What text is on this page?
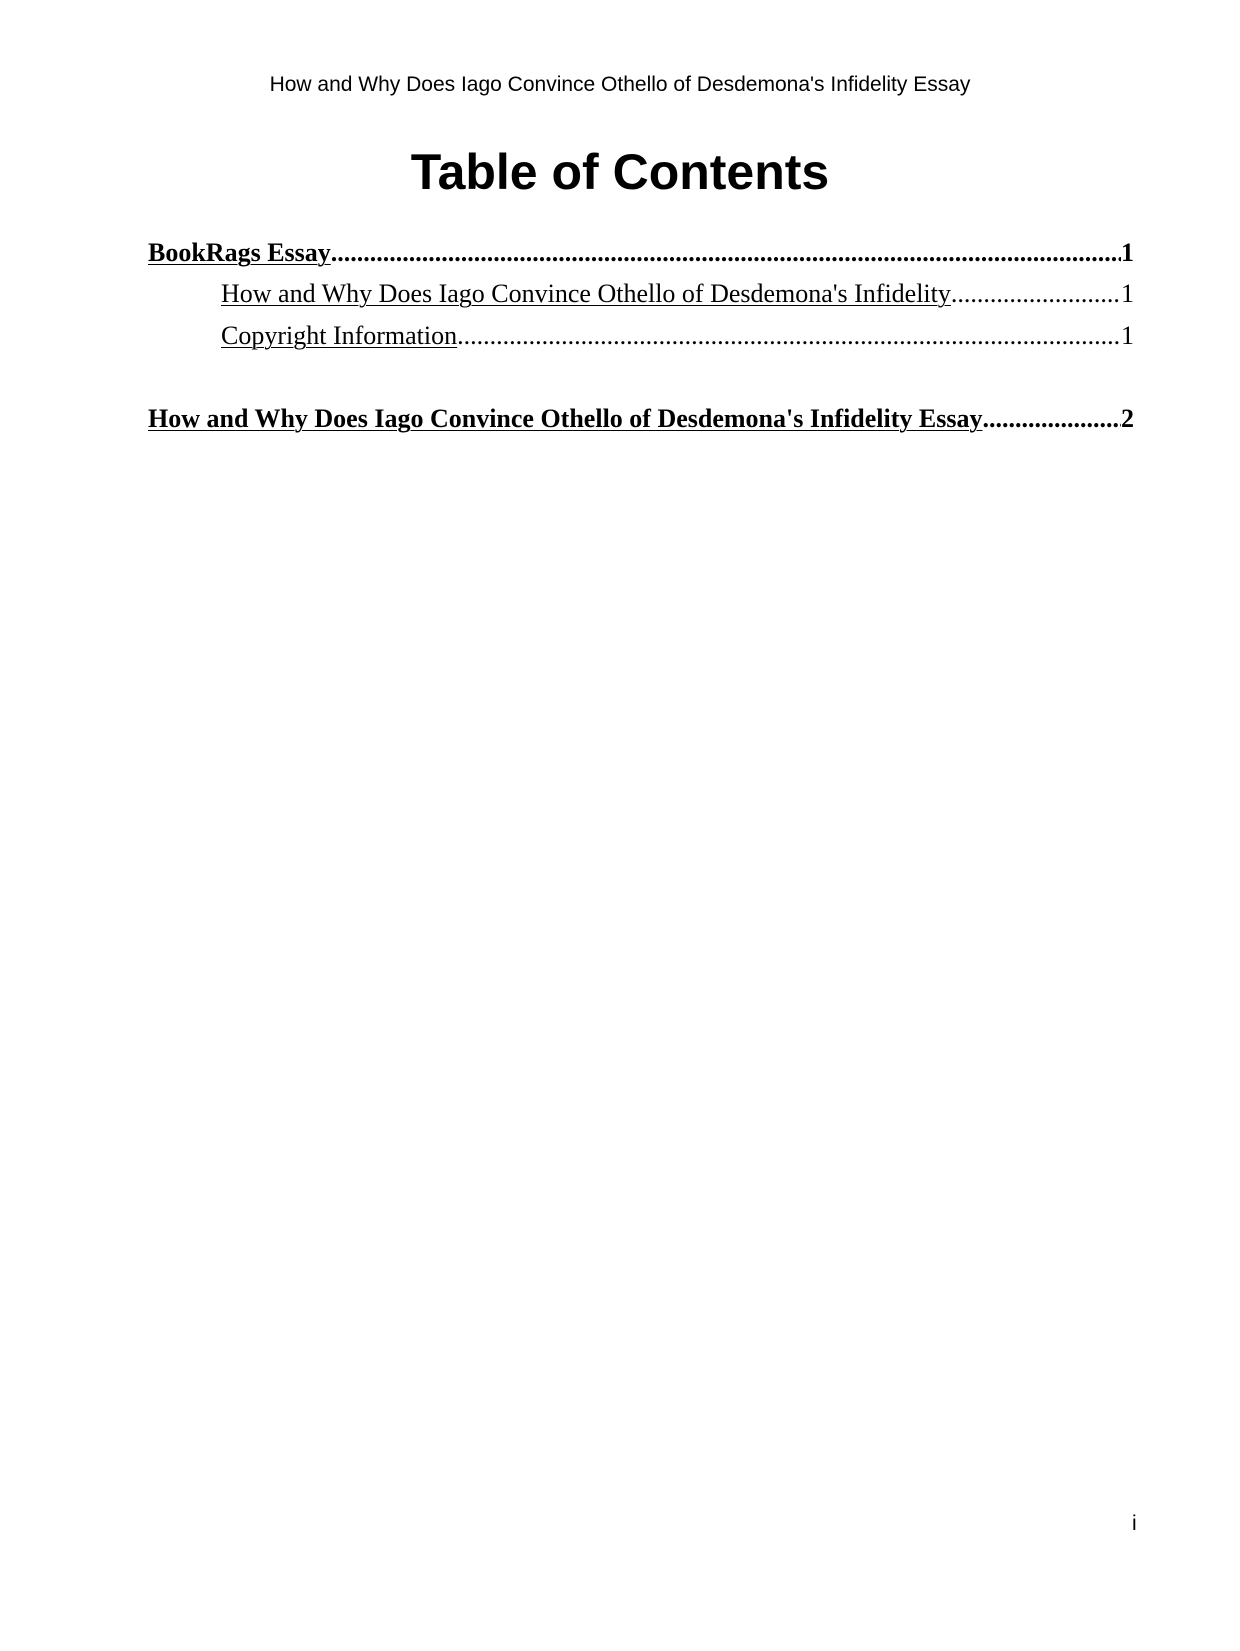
How and Why Does Iago Convince Othello of Desdemona's Infidelity Essay
Table of Contents
BookRags Essay .....	1
How and Why Does Iago Convince Othello of Desdemona's Infidelity .....	1
Copyright Information .....	1
How and Why Does Iago Convince Othello of Desdemona's Infidelity Essay .....	2
i
